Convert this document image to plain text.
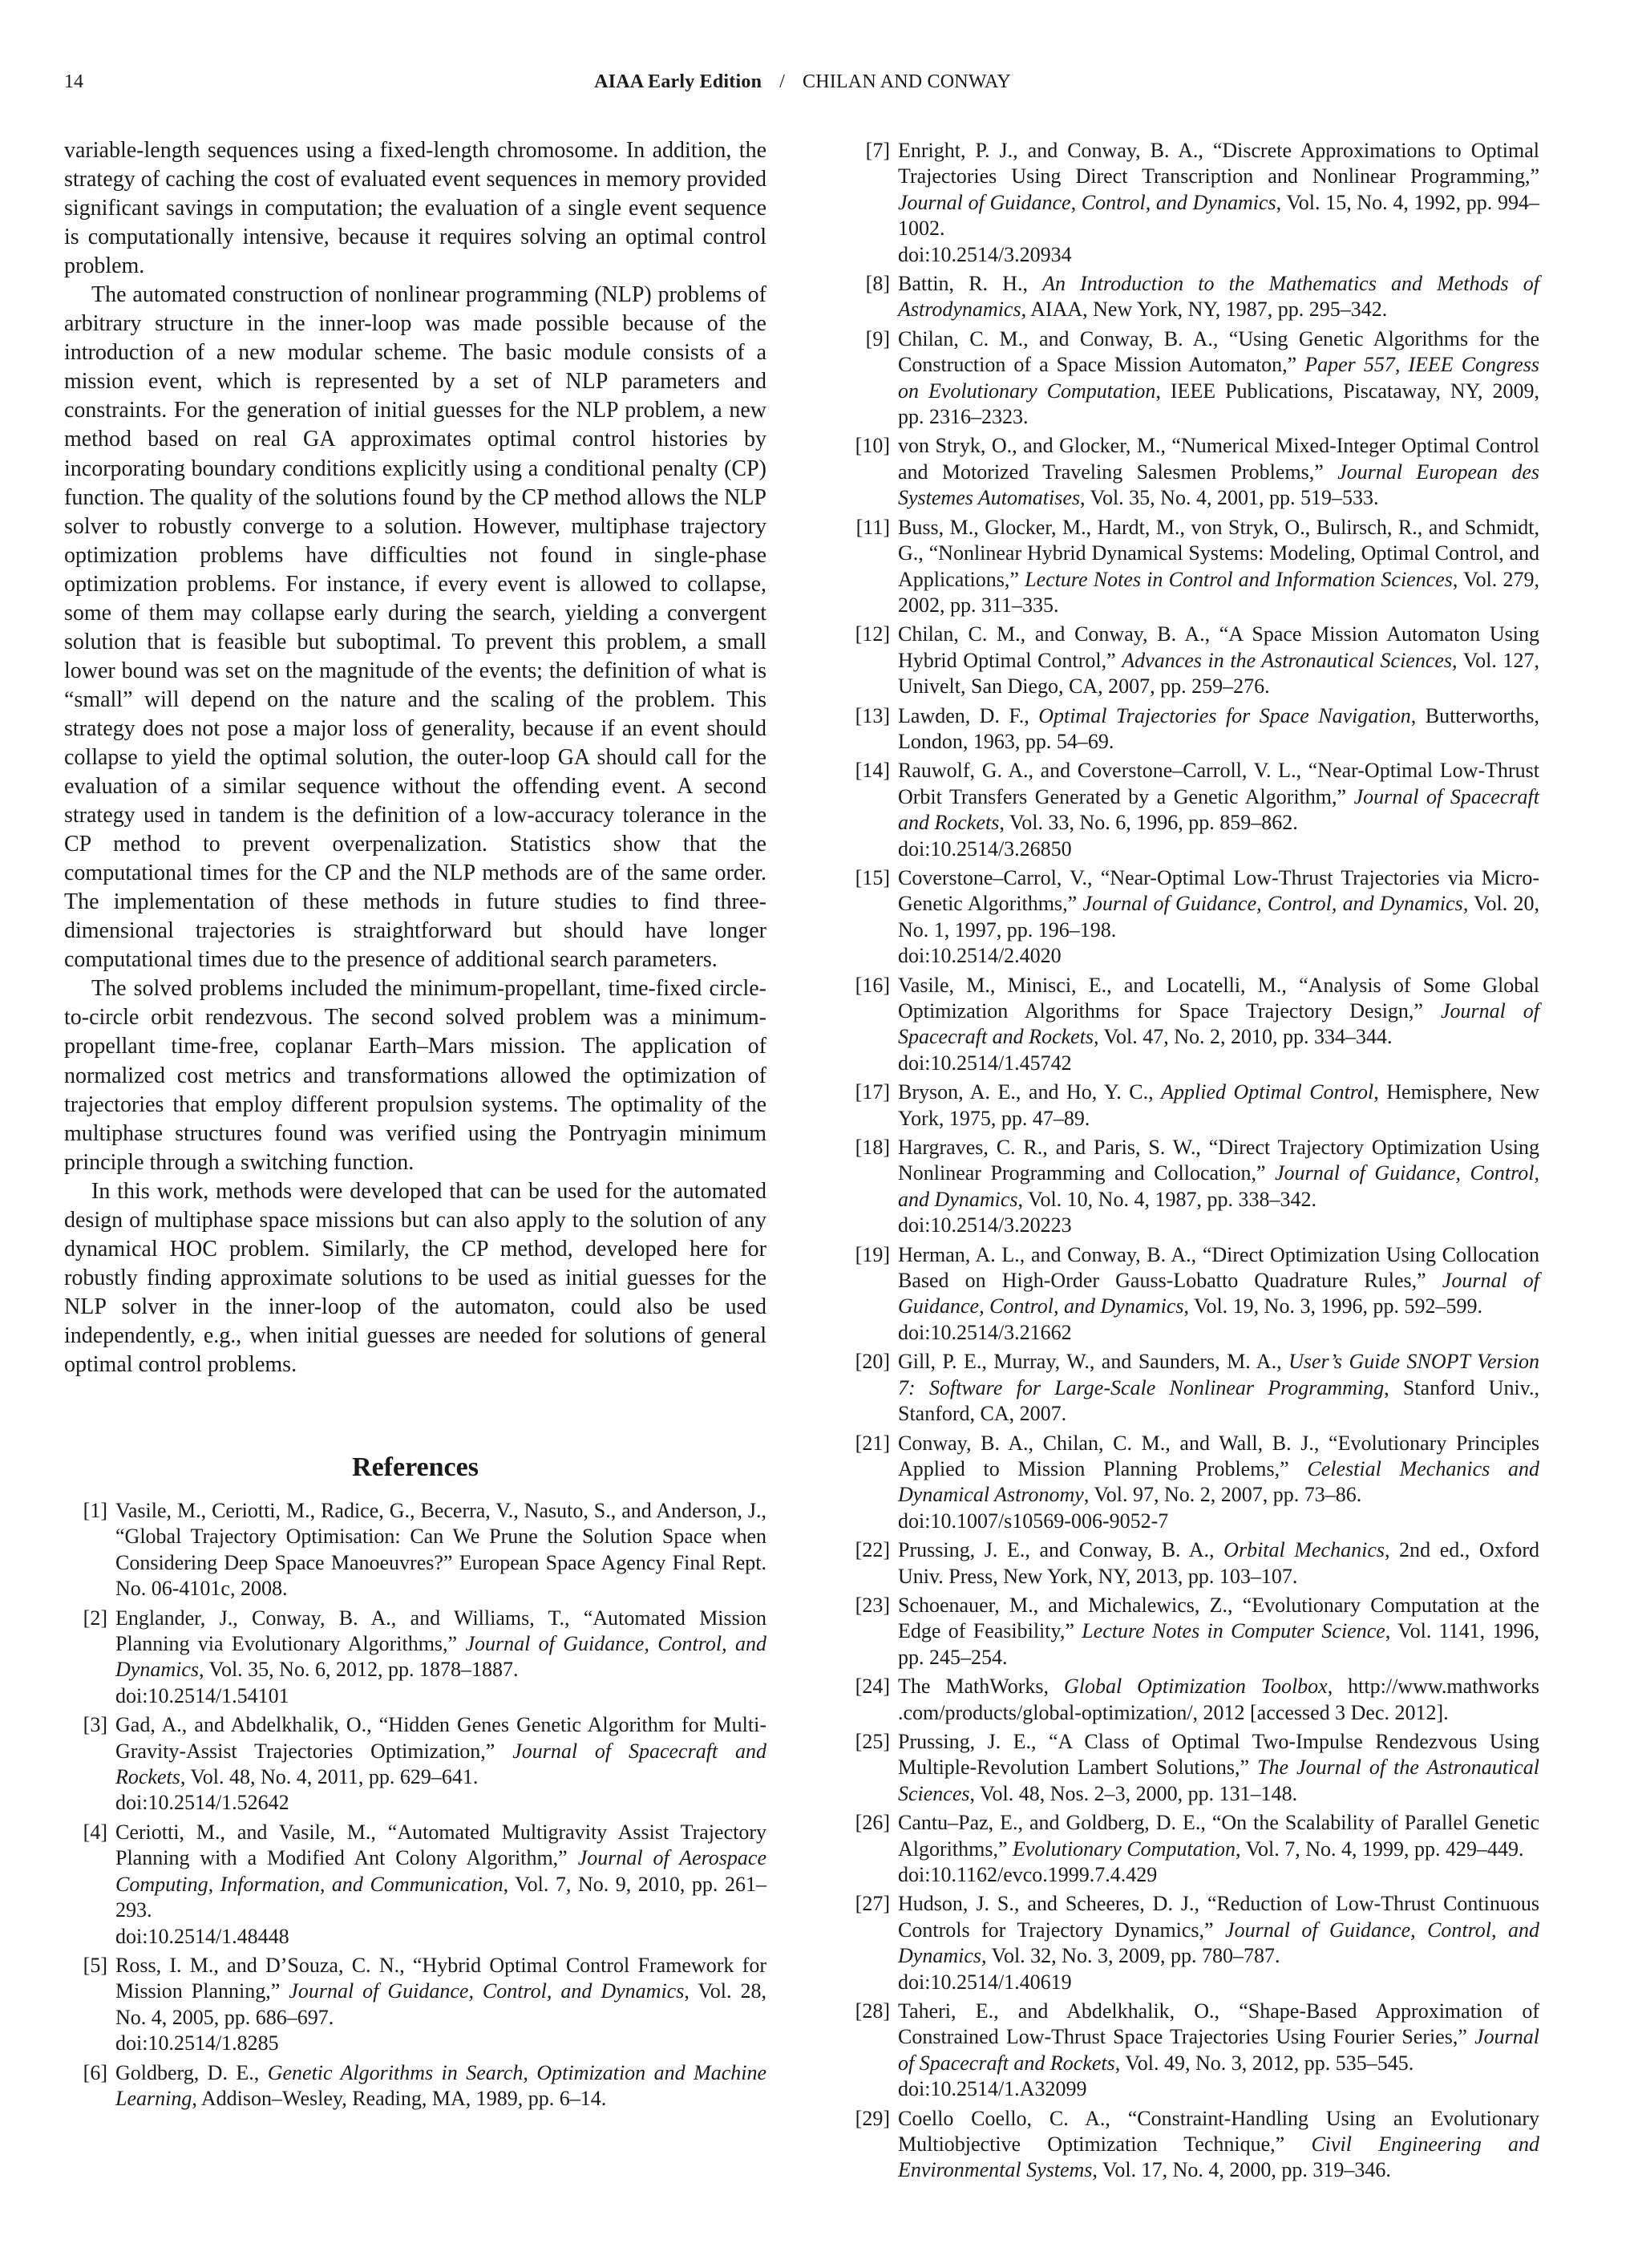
14	AIAA Early Edition / CHILAN AND CONWAY

variable-length sequences using a fixed-length chromosome. In addition, the strategy of caching the cost of evaluated event sequences in memory provided significant savings in computation; the evaluation of a single event sequence is computationally intensive, because it requires solving an optimal control problem.

The automated construction of nonlinear programming (NLP) problems of arbitrary structure in the inner-loop was made possible because of the introduction of a new modular scheme. The basic module consists of a mission event, which is represented by a set of NLP parameters and constraints. For the generation of initial guesses for the NLP problem, a new method based on real GA approximates optimal control histories by incorporating boundary conditions explicitly using a conditional penalty (CP) function. The quality of the solutions found by the CP method allows the NLP solver to robustly converge to a solution. However, multiphase trajectory optimization problems have difficulties not found in single-phase optimization problems. For instance, if every event is allowed to collapse, some of them may collapse early during the search, yielding a convergent solution that is feasible but suboptimal. To prevent this problem, a small lower bound was set on the magnitude of the events; the definition of what is “small” will depend on the nature and the scaling of the problem. This strategy does not pose a major loss of generality, because if an event should collapse to yield the optimal solution, the outer-loop GA should call for the evaluation of a similar sequence without the offending event. A second strategy used in tandem is the definition of a low-accuracy tolerance in the CP method to prevent overpenalization. Statistics show that the computational times for the CP and the NLP methods are of the same order. The implementation of these methods in future studies to find three-dimensional trajectories is straightforward but should have longer computational times due to the presence of additional search parameters.

The solved problems included the minimum-propellant, time-fixed circle-to-circle orbit rendezvous. The second solved problem was a minimum-propellant time-free, coplanar Earth–Mars mission. The application of normalized cost metrics and transformations allowed the optimization of trajectories that employ different propulsion systems. The optimality of the multiphase structures found was verified using the Pontryagin minimum principle through a switching function.

In this work, methods were developed that can be used for the automated design of multiphase space missions but can also apply to the solution of any dynamical HOC problem. Similarly, the CP method, developed here for robustly finding approximate solutions to be used as initial guesses for the NLP solver in the inner-loop of the automaton, could also be used independently, e.g., when initial guesses are needed for solutions of general optimal control problems.

References
[1] Vasile, M., Ceriotti, M., Radice, G., Becerra, V., Nasuto, S., and Anderson, J., “Global Trajectory Optimisation: Can We Prune the Solution Space when Considering Deep Space Manoeuvres?” European Space Agency Final Rept. No. 06-4101c, 2008.
[2] Englander, J., Conway, B. A., and Williams, T., “Automated Mission Planning via Evolutionary Algorithms,” Journal of Guidance, Control, and Dynamics, Vol. 35, No. 6, 2012, pp. 1878–1887.
doi:10.2514/1.54101
[3] Gad, A., and Abdelkhalik, O., “Hidden Genes Genetic Algorithm for Multi-Gravity-Assist Trajectories Optimization,” Journal of Spacecraft and Rockets, Vol. 48, No. 4, 2011, pp. 629–641.
doi:10.2514/1.52642
[4] Ceriotti, M., and Vasile, M., “Automated Multigravity Assist Trajectory Planning with a Modified Ant Colony Algorithm,” Journal of Aerospace Computing, Information, and Communication, Vol. 7, No. 9, 2010, pp. 261–293.
doi:10.2514/1.48448
[5] Ross, I. M., and D’Souza, C. N., “Hybrid Optimal Control Framework for Mission Planning,” Journal of Guidance, Control, and Dynamics, Vol. 28, No. 4, 2005, pp. 686–697.
doi:10.2514/1.8285
[6] Goldberg, D. E., Genetic Algorithms in Search, Optimization and Machine Learning, Addison–Wesley, Reading, MA, 1989, pp. 6–14.
[7] Enright, P. J., and Conway, B. A., “Discrete Approximations to Optimal Trajectories Using Direct Transcription and Nonlinear Programming,” Journal of Guidance, Control, and Dynamics, Vol. 15, No. 4, 1992, pp. 994–1002.
doi:10.2514/3.20934
[8] Battin, R. H., An Introduction to the Mathematics and Methods of Astrodynamics, AIAA, New York, NY, 1987, pp. 295–342.
[9] Chilan, C. M., and Conway, B. A., “Using Genetic Algorithms for the Construction of a Space Mission Automaton,” Paper 557, IEEE Congress on Evolutionary Computation, IEEE Publications, Piscataway, NY, 2009, pp. 2316–2323.
[10] von Stryk, O., and Glocker, M., “Numerical Mixed-Integer Optimal Control and Motorized Traveling Salesmen Problems,” Journal European des Systemes Automatises, Vol. 35, No. 4, 2001, pp. 519–533.
[11] Buss, M., Glocker, M., Hardt, M., von Stryk, O., Bulirsch, R., and Schmidt, G., “Nonlinear Hybrid Dynamical Systems: Modeling, Optimal Control, and Applications,” Lecture Notes in Control and Information Sciences, Vol. 279, 2002, pp. 311–335.
[12] Chilan, C. M., and Conway, B. A., “A Space Mission Automaton Using Hybrid Optimal Control,” Advances in the Astronautical Sciences, Vol. 127, Univelt, San Diego, CA, 2007, pp. 259–276.
[13] Lawden, D. F., Optimal Trajectories for Space Navigation, Butterworths, London, 1963, pp. 54–69.
[14] Rauwolf, G. A., and Coverstone–Carroll, V. L., “Near-Optimal Low-Thrust Orbit Transfers Generated by a Genetic Algorithm,” Journal of Spacecraft and Rockets, Vol. 33, No. 6, 1996, pp. 859–862.
doi:10.2514/3.26850
[15] Coverstone–Carrol, V., “Near-Optimal Low-Thrust Trajectories via Micro-Genetic Algorithms,” Journal of Guidance, Control, and Dynamics, Vol. 20, No. 1, 1997, pp. 196–198.
doi:10.2514/2.4020
[16] Vasile, M., Minisci, E., and Locatelli, M., “Analysis of Some Global Optimization Algorithms for Space Trajectory Design,” Journal of Spacecraft and Rockets, Vol. 47, No. 2, 2010, pp. 334–344.
doi:10.2514/1.45742
[17] Bryson, A. E., and Ho, Y. C., Applied Optimal Control, Hemisphere, New York, 1975, pp. 47–89.
[18] Hargraves, C. R., and Paris, S. W., “Direct Trajectory Optimization Using Nonlinear Programming and Collocation,” Journal of Guidance, Control, and Dynamics, Vol. 10, No. 4, 1987, pp. 338–342.
doi:10.2514/3.20223
[19] Herman, A. L., and Conway, B. A., “Direct Optimization Using Collocation Based on High-Order Gauss-Lobatto Quadrature Rules,” Journal of Guidance, Control, and Dynamics, Vol. 19, No. 3, 1996, pp. 592–599.
doi:10.2514/3.21662
[20] Gill, P. E., Murray, W., and Saunders, M. A., User’s Guide SNOPT Version 7: Software for Large-Scale Nonlinear Programming, Stanford Univ., Stanford, CA, 2007.
[21] Conway, B. A., Chilan, C. M., and Wall, B. J., “Evolutionary Principles Applied to Mission Planning Problems,” Celestial Mechanics and Dynamical Astronomy, Vol. 97, No. 2, 2007, pp. 73–86.
doi:10.1007/s10569-006-9052-7
[22] Prussing, J. E., and Conway, B. A., Orbital Mechanics, 2nd ed., Oxford Univ. Press, New York, NY, 2013, pp. 103–107.
[23] Schoenauer, M., and Michalewics, Z., “Evolutionary Computation at the Edge of Feasibility,” Lecture Notes in Computer Science, Vol. 1141, 1996, pp. 245–254.
[24] The MathWorks, Global Optimization Toolbox, http://www.mathworks .com/products/global-optimization/, 2012 [accessed 3 Dec. 2012].
[25] Prussing, J. E., “A Class of Optimal Two-Impulse Rendezvous Using Multiple-Revolution Lambert Solutions,” The Journal of the Astronautical Sciences, Vol. 48, Nos. 2–3, 2000, pp. 131–148.
[26] Cantu–Paz, E., and Goldberg, D. E., “On the Scalability of Parallel Genetic Algorithms,” Evolutionary Computation, Vol. 7, No. 4, 1999, pp. 429–449.
doi:10.1162/evco.1999.7.4.429
[27] Hudson, J. S., and Scheeres, D. J., “Reduction of Low-Thrust Continuous Controls for Trajectory Dynamics,” Journal of Guidance, Control, and Dynamics, Vol. 32, No. 3, 2009, pp. 780–787.
doi:10.2514/1.40619
[28] Taheri, E., and Abdelkhalik, O., “Shape-Based Approximation of Constrained Low-Thrust Space Trajectories Using Fourier Series,” Journal of Spacecraft and Rockets, Vol. 49, No. 3, 2012, pp. 535–545.
doi:10.2514/1.A32099
[29] Coello Coello, C. A., “Constraint-Handling Using an Evolutionary Multiobjective Optimization Technique,” Civil Engineering and Environmental Systems, Vol. 17, No. 4, 2000, pp. 319–346.
